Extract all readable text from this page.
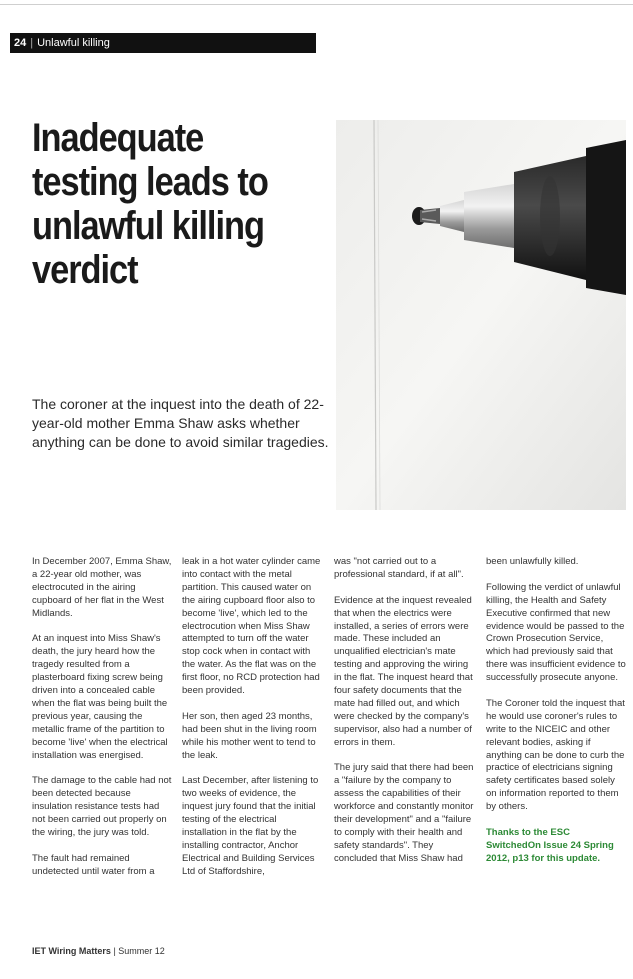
24 | Unlawful killing
Inadequate
testing leads to
unlawful killing
verdict

The coroner at the inquest into the death of 22-year-old mother Emma Shaw asks whether anything can be done to avoid similar tragedies.

In December 2007, Emma Shaw, a 22-year old mother, was electrocuted in the airing cupboard of her flat in the West Midlands.

At an inquest into Miss Shaw's death, the jury heard how the tragedy resulted from a plasterboard fixing screw being driven into a concealed cable when the flat was being built the previous year, causing the metallic frame of the partition to become 'live' when the electrical installation was energised.

The damage to the cable had not been detected because insulation resistance tests had not been carried out properly on the wiring, the jury was told.

The fault had remained undetected until water from a

leak in a hot water cylinder came into contact with the metal partition. This caused water on the airing cupboard floor also to become 'live', which led to the electrocution when Miss Shaw attempted to turn off the water stop cock when in contact with the water. As the flat was on the first floor, no RCD protection had been provided.

Her son, then aged 23 months, had been shut in the living room while his mother went to tend to the leak.

Last December, after listening to two weeks of evidence, the inquest jury found that the initial testing of the electrical installation in the flat by the installing contractor, Anchor Electrical and Building Services Ltd of Staffordshire,

was "not carried out to a professional standard, if at all".

Evidence at the inquest revealed that when the electrics were installed, a series of errors were made. These included an unqualified electrician's mate testing and approving the wiring in the flat. The inquest heard that four safety documents that the mate had filled out, and which were checked by the company's supervisor, also had a number of errors in them.

The jury said that there had been a "failure by the company to assess the capabilities of their workforce and constantly monitor their development" and a "failure to comply with their health and safety standards". They concluded that Miss Shaw had

been unlawfully killed.

Following the verdict of unlawful killing, the Health and Safety Executive confirmed that new evidence would be passed to the Crown Prosecution Service, which had previously said that there was insufficient evidence to successfully prosecute anyone.

The Coroner told the inquest that he would use coroner's rules to write to the NICEIC and other relevant bodies, asking if anything can be done to curb the practice of electricians signing safety certificates based solely on information reported to them by others.

Thanks to the ESC SwitchedOn Issue 24 Spring 2012, p13 for this update.

IET Wiring Matters | Summer 12
